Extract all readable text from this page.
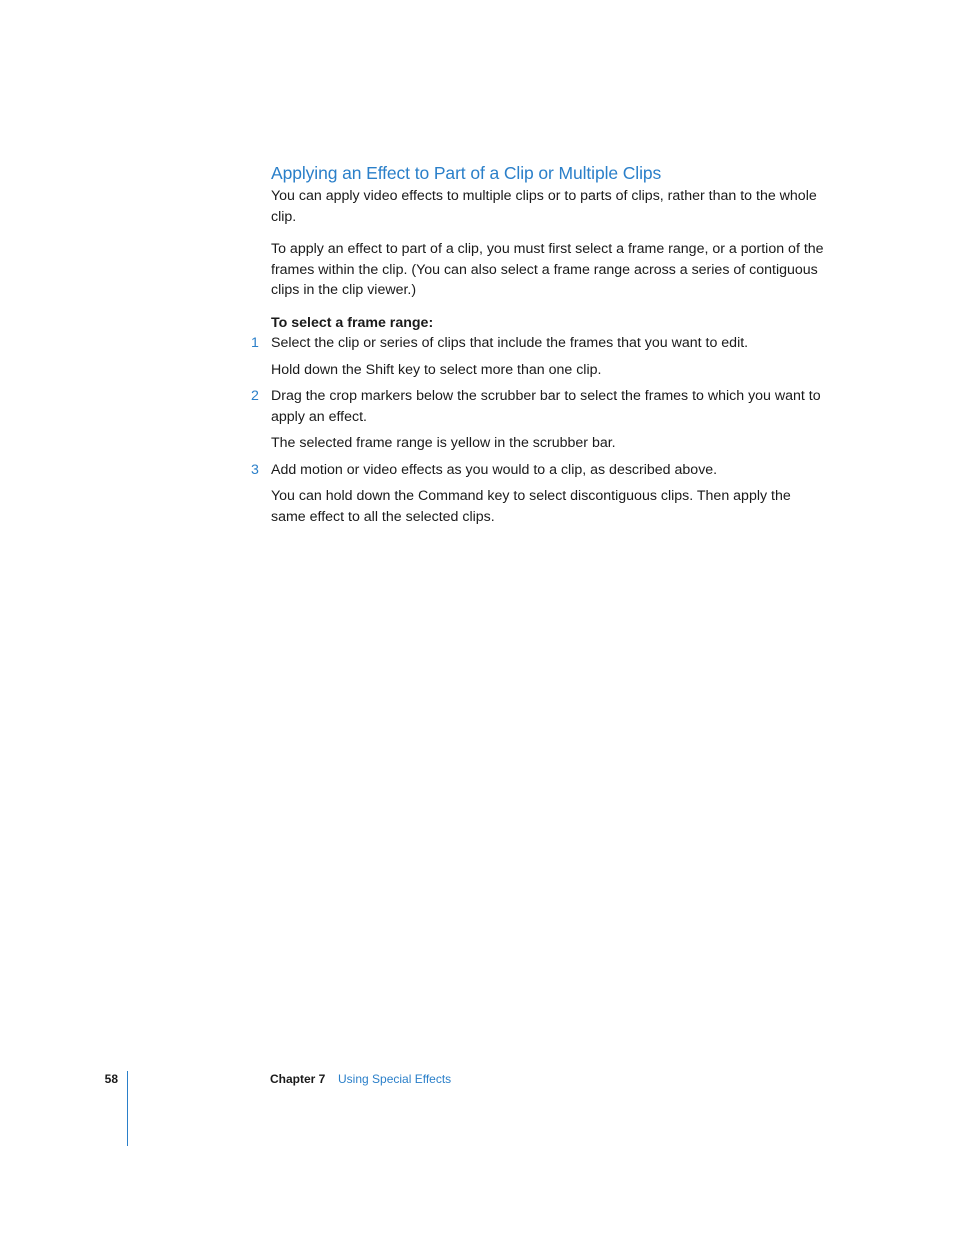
Applying an Effect to Part of a Clip or Multiple Clips

You can apply video effects to multiple clips or to parts of clips, rather than to the whole clip.

To apply an effect to part of a clip, you must first select a frame range, or a portion of the frames within the clip. (You can also select a frame range across a series of contiguous clips in the clip viewer.)

To select a frame range:
1 Select the clip or series of clips that include the frames that you want to edit.
Hold down the Shift key to select more than one clip.
2 Drag the crop markers below the scrubber bar to select the frames to which you want to apply an effect.
The selected frame range is yellow in the scrubber bar.
3 Add motion or video effects as you would to a clip, as described above.
You can hold down the Command key to select discontiguous clips. Then apply the same effect to all the selected clips.
58	Chapter 7 Using Special Effects
